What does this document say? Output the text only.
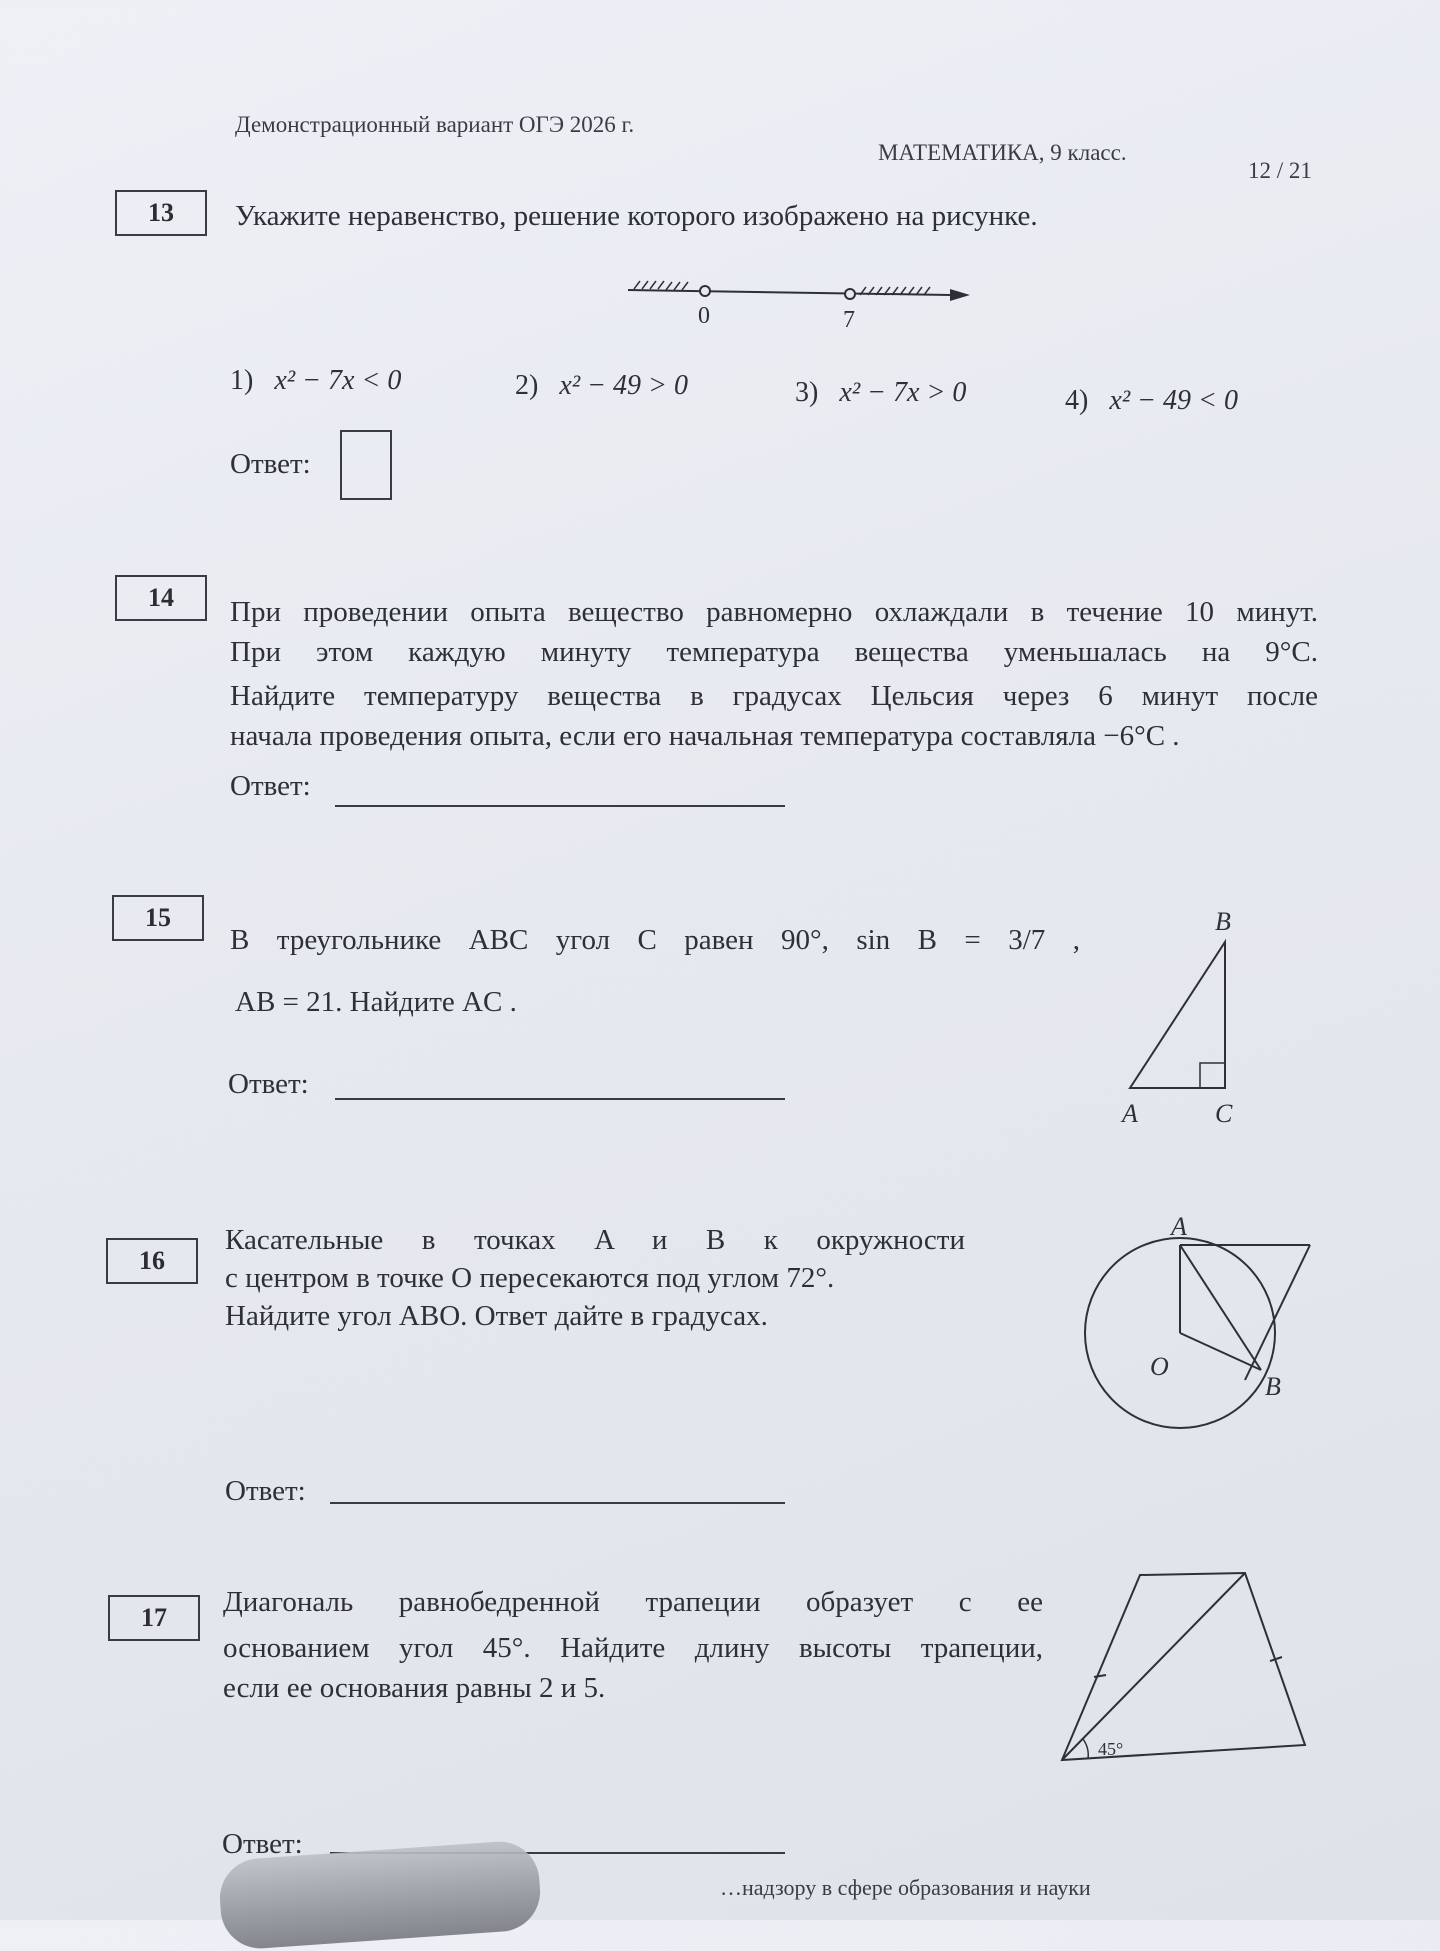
Демонстрационный вариант ОГЭ 2026 г.
МАТЕМАТИКА, 9 класс.
12 / 21
13	Укажите неравенство, решение которого изображено на рисунке.
0	7
1) x² − 7x < 0	2) x² − 49 > 0	3) x² − 7x > 0	4) x² − 49 < 0
Ответ:
14	При проведении опыта вещество равномерно охлаждали в течение 10 минут.
При этом каждую минуту температура вещества уменьшалась на 9°C.
Найдите температуру вещества в градусах Цельсия через 6 минут после
начала проведения опыта, если его начальная температура составляла −6°C .
Ответ:
15
В треугольнике ABC угол C равен 90°, sin B = 3/7 ,
AB = 21. Найдите AC .
Ответ:
B
A	C
16
Касательные в точках A и B к окружности
с центром в точке O пересекаются под углом 72°.
Найдите угол ABO. Ответ дайте в градусах.
A
O
B
Ответ:
17	Диагональ равнобедренной трапеции образует с ее
основанием угол 45°. Найдите длину высоты трапеции,
если ее основания равны 2 и 5.
45°
Ответ:
…надзору в сфере образования и науки
